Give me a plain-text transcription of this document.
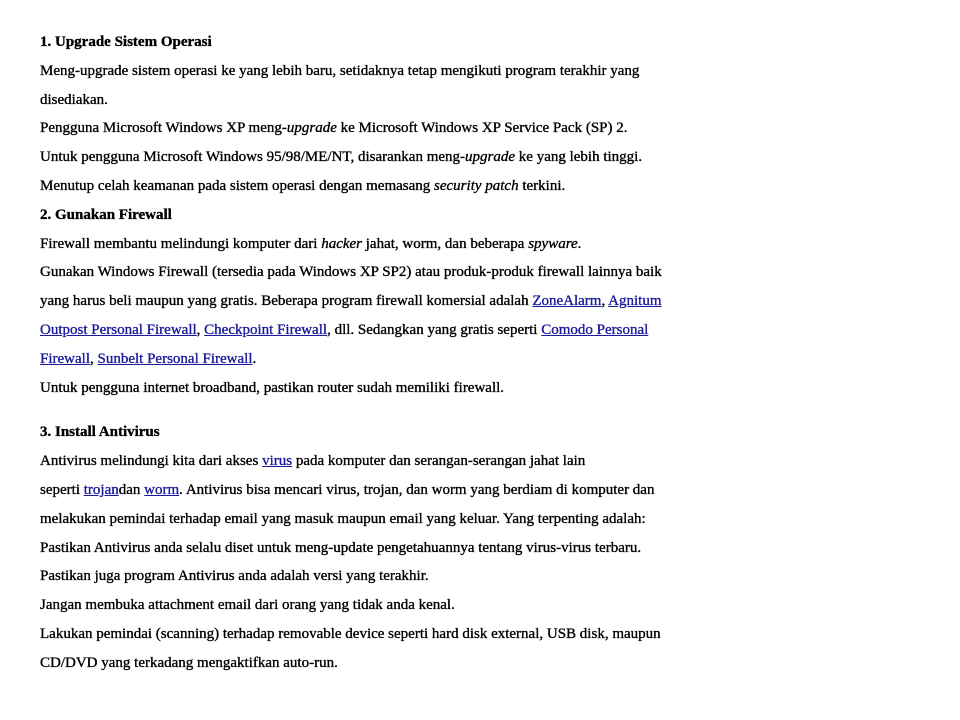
1. Upgrade Sistem Operasi
Meng-upgrade sistem operasi ke yang lebih baru, setidaknya tetap mengikuti program terakhir yang
disediakan.
Pengguna Microsoft Windows XP meng-upgrade ke Microsoft Windows XP Service Pack (SP) 2.
Untuk pengguna Microsoft Windows 95/98/ME/NT, disarankan meng-upgrade ke yang lebih tinggi.
Menutup celah keamanan pada sistem operasi dengan memasang security patch terkini.
2. Gunakan Firewall
Firewall membantu melindungi komputer dari hacker jahat, worm, dan beberapa spyware.
Gunakan Windows Firewall (tersedia pada Windows XP SP2) atau produk-produk firewall lainnya baik
yang harus beli maupun yang gratis. Beberapa program firewall komersial adalah ZoneAlarm, Agnitum
Outpost Personal Firewall, Checkpoint Firewall, dll. Sedangkan yang gratis seperti Comodo Personal
Firewall, Sunbelt Personal Firewall.
Untuk pengguna internet broadband, pastikan router sudah memiliki firewall.
3. Install Antivirus
Antivirus melindungi kita dari akses virus pada komputer dan serangan-serangan jahat lain
seperti trojandan worm. Antivirus bisa mencari virus, trojan, dan worm yang berdiam di komputer dan
melakukan pemindai terhadap email yang masuk maupun email yang keluar. Yang terpenting adalah:
Pastikan Antivirus anda selalu diset untuk meng-update pengetahuannya tentang virus-virus terbaru.
Pastikan juga program Antivirus anda adalah versi yang terakhir.
Jangan membuka attachment email dari orang yang tidak anda kenal.
Lakukan pemindai (scanning) terhadap removable device seperti hard disk external, USB disk, maupun
CD/DVD yang terkadang mengaktifkan auto-run.
